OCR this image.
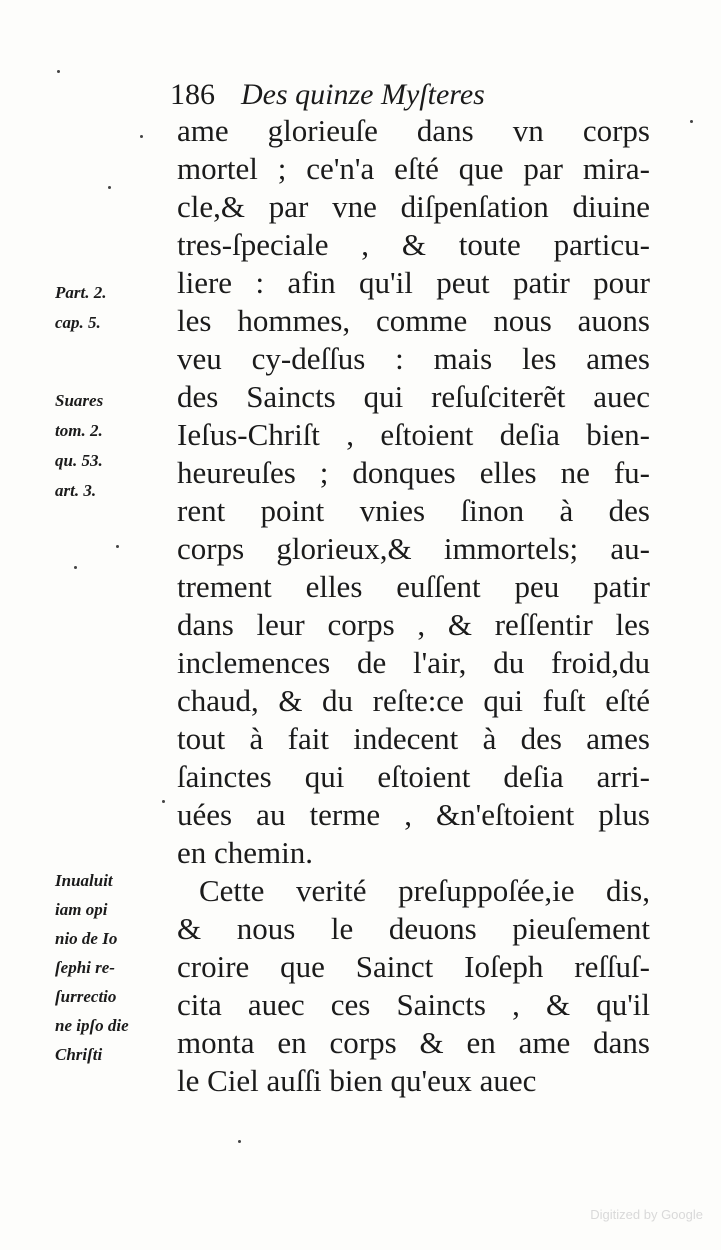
186 Des quinze Myſteres
ame glorieuſe dans vn corps
mortel ; ce'n'a eſté que par mira-
cle,& par vne diſpenſation diuine
tres-ſpeciale , & toute particu-
liere : afin qu'il peut patir pour
les hommes, comme nous auons
veu cy-deſſus : mais les ames
des Saincts qui reſuſciterẽt auec
Ieſus-Chriſt , eſtoient deſia bien-
heureuſes ; donques elles ne fu-
rent point vnies ſinon à des
corps glorieux,& immortels; au-
trement elles euſſent peu patir
dans leur corps , & reſſentir les
inclemences de l'air, du froid,du
chaud, & du reſte:ce qui fuſt eſté
tout à fait indecent à des ames
ſainctes qui eſtoient deſia arri-
uées au terme , &n'eſtoient plus
en chemin.
Cette verité preſuppoſée,ie dis,
& nous le deuons pieuſement
croire que Sainct Ioſeph reſſuſ-
cita auec ces Saincts , & qu'il
monta en corps & en ame dans
le Ciel auſſi bien qu'eux auec
Part. 2.
cap. 5.
Suares
tom. 2.
qu. 53.
art. 3.
Inualuit
iam opi
nio de Io
ſephi re-
ſurrectio
ne ipſo die
Chriſti
Digitized by Google
